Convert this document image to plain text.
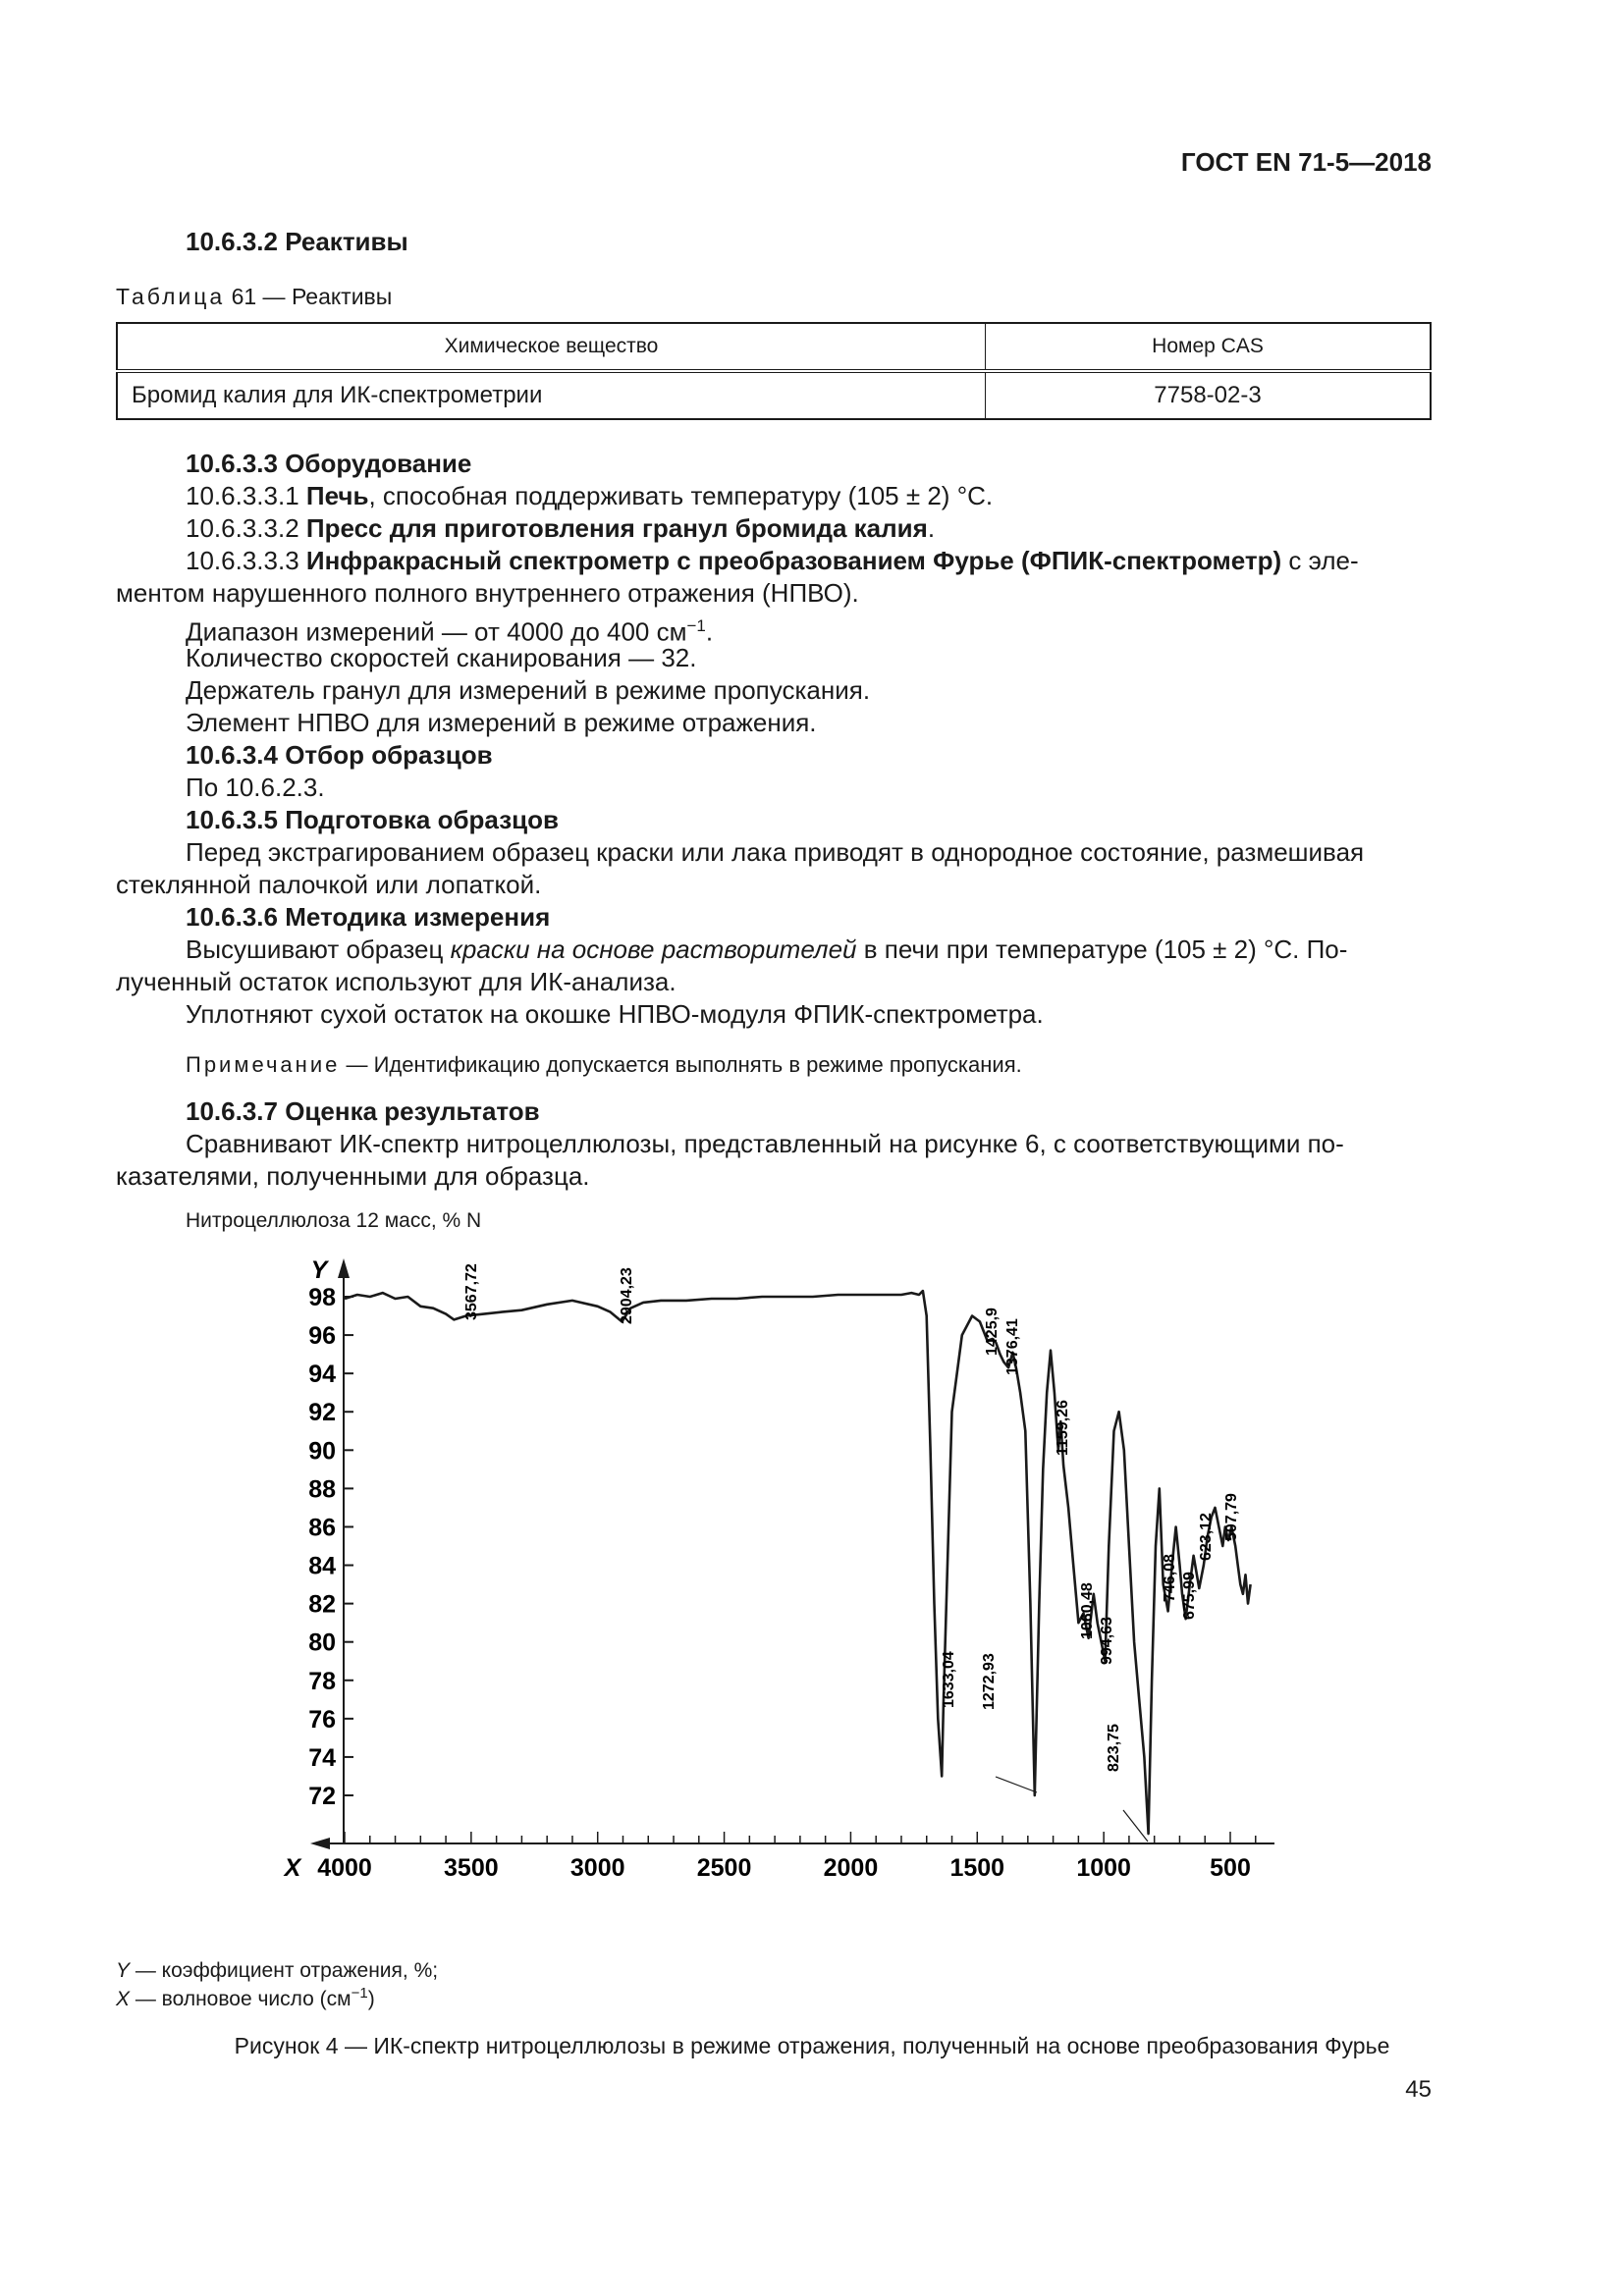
ГОСТ EN 71-5—2018
10.6.3.2 Реактивы
Таблица 61 — Реактивы
Химическое вещество	Номер CAS
Бромид калия для ИК-спектрометрии	7758-02-3
10.6.3.3 Оборудование
10.6.3.3.1 Печь, способная поддерживать температуру (105 ± 2) °С.
10.6.3.3.2 Пресс для приготовления гранул бромида калия.
10.6.3.3.3 Инфракрасный спектрометр с преобразованием Фурье (ФПИК-спектрометр) с эле-
ментом нарушенного полного внутреннего отражения (НПВО).
Диапазон измерений — от 4000 до 400 $см^{-1}$.
Количество скоростей сканирования — 32.
Держатель гранул для измерений в режиме пропускания.
Элемент НПВО для измерений в режиме отражения.
10.6.3.4 Отбор образцов
По 10.6.2.3.
10.6.3.5 Подготовка образцов
Перед экстрагированием образец краски или лака приводят в однородное состояние, размешивая
стеклянной палочкой или лопаткой.
10.6.3.6 Методика измерения
Высушивают образец краски на основе растворителей в печи при температуре (105 ± 2) °С. По-
лученный остаток используют для ИК-анализа.
Уплотняют сухой остаток на окошке НПВО-модуля ФПИК-спектрометра.
Примечание — Идентификацию допускается выполнять в режиме пропускания.
10.6.3.7 Оценка результатов
Сравнивают ИК-спектр нитроцеллюлозы, представленный на рисунке 6, с соответствующими по-
казателями, полученными для образца.
Нитроцеллюлоза 12 масс, % N
Y
X
98
96
94
92
90
88
86
84
82
80
78
76
74
72
4000	3500	3000	2500	2000	1500	1000	500
3567,72	2904,23
1633,04
1425,9 1376,41
1272,93
1159,26
1060,48
994,63
823,75
746,08 675,99
623,12 507,79
Y — коэффициент отражения, %;
X — волновое число $(см^{-1})$
Рисунок 4 — ИК-спектр нитроцеллюлозы в режиме отражения, полученный на основе преобразования Фурье
45
